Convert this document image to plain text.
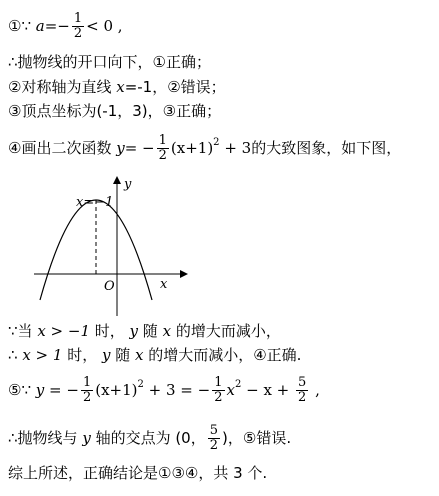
①∵ $a=- \frac{1}{2} < 0$ ,
∴抛物线的开口向下，①正确；
②对称轴为直线 x=-1，②错误；
③顶点坐标为(-1，3)，③正确；
④画出二次函数 $y= - \frac{1}{2} (x+1)^2 + 3$的大致图象，如下图，
x=−1
x
y
O
∵当 x > −1 时， y 随 x 的增大而减小，
∴ x > 1 时， y 随 x 的增大而减小，④正确.
⑤∵ y = − $\frac{1}{2} (x+1)^2 + 3$ = − $\frac{1}{2} x^2 - x + \frac{5}{2}$ ,
∴抛物线与 y 轴的交点为 (0， $\frac{5}{2}$ )，⑤错误.
综上所述，正确结论是①③④，共 3 个.
